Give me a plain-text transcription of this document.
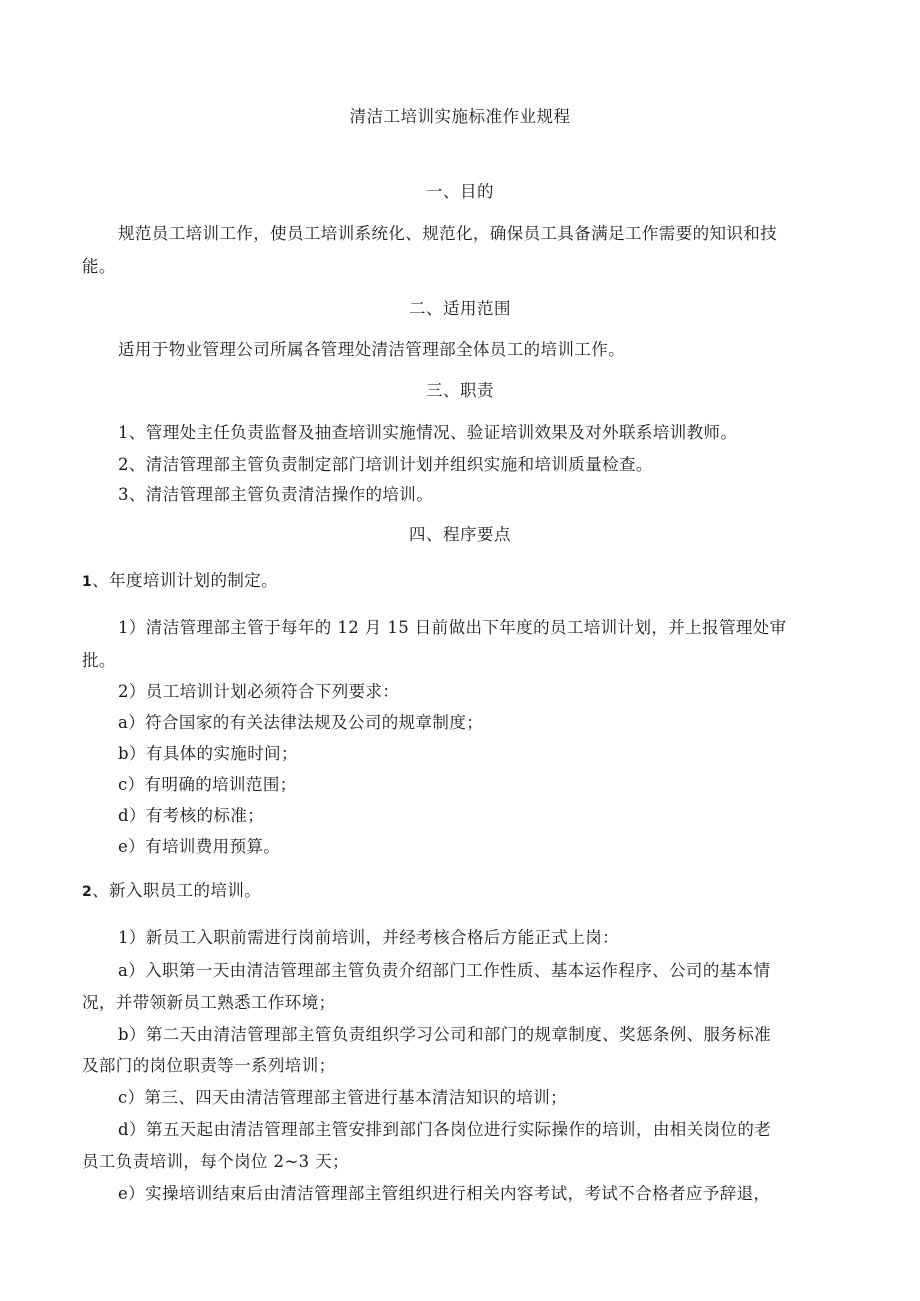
清洁工培训实施标准作业规程
一、目的
规范员工培训工作，使员工培训系统化、规范化，确保员工具备满足工作需要的知识和技
能。
二、适用范围
适用于物业管理公司所属各管理处清洁管理部全体员工的培训工作。
三、职责
1、管理处主任负责监督及抽查培训实施情况、验证培训效果及对外联系培训教师。
2、清洁管理部主管负责制定部门培训计划并组织实施和培训质量检查。
3、清洁管理部主管负责清洁操作的培训。
四、程序要点
1、年度培训计划的制定。
1）清洁管理部主管于每年的 12 月 15 日前做出下年度的员工培训计划，并上报管理处审
批。
2）员工培训计划必须符合下列要求：
a）符合国家的有关法律法规及公司的规章制度；
b）有具体的实施时间；
c）有明确的培训范围；
d）有考核的标准；
e）有培训费用预算。
2、新入职员工的培训。
1）新员工入职前需进行岗前培训，并经考核合格后方能正式上岗：
a）入职第一天由清洁管理部主管负责介绍部门工作性质、基本运作程序、公司的基本情
况，并带领新员工熟悉工作环境；
b）第二天由清洁管理部主管负责组织学习公司和部门的规章制度、奖惩条例、服务标准
及部门的岗位职责等一系列培训；
c）第三、四天由清洁管理部主管进行基本清洁知识的培训；
d）第五天起由清洁管理部主管安排到部门各岗位进行实际操作的培训，由相关岗位的老
员工负责培训，每个岗位 2~3 天；
e）实操培训结束后由清洁管理部主管组织进行相关内容考试，考试不合格者应予辞退，
